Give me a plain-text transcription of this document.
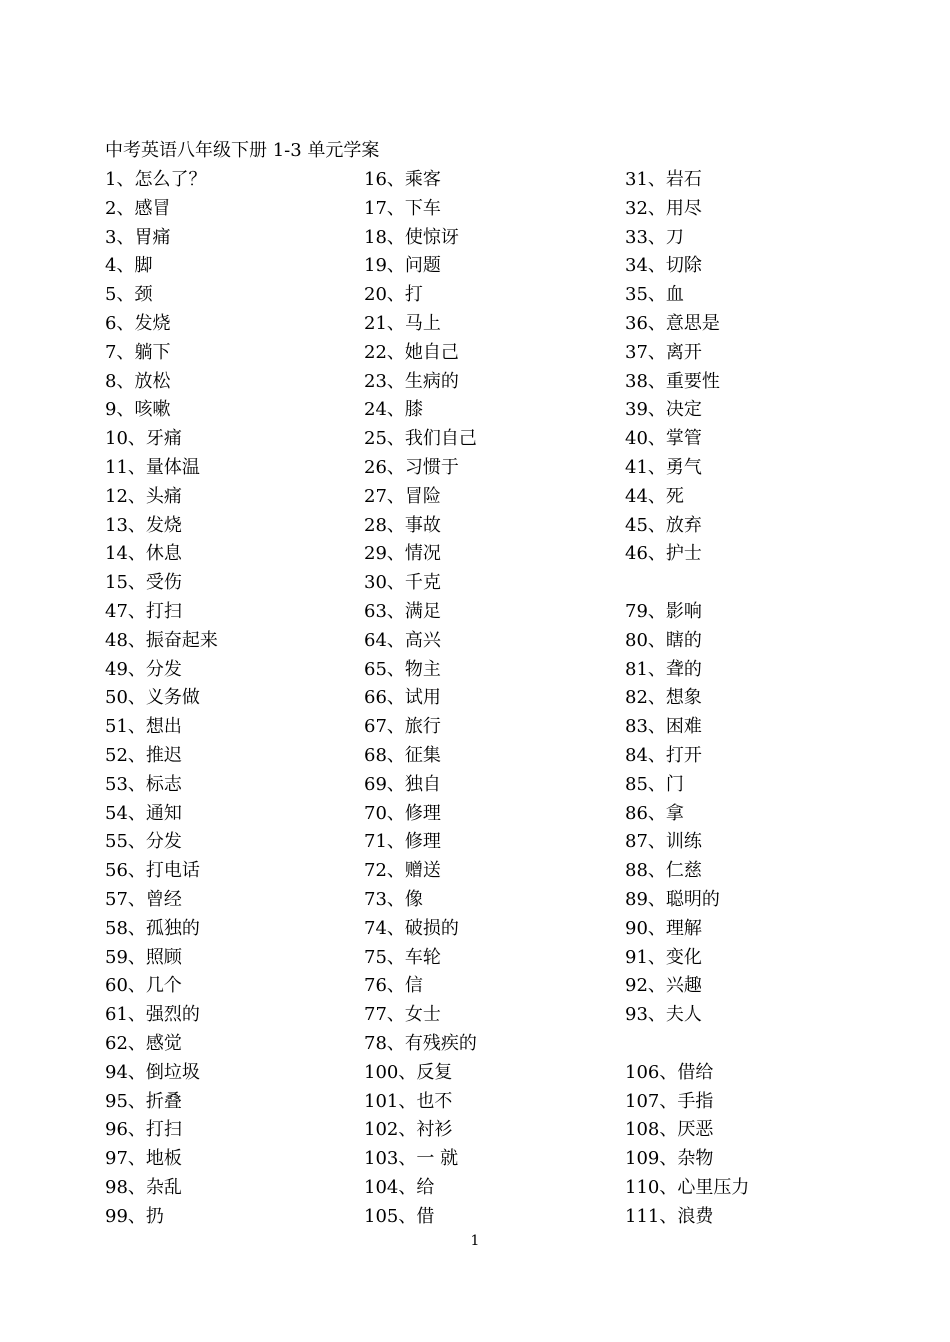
中考英语八年级下册 1-3 单元学案
1、怎么了？
2、感冒
3、胃痛
4、脚
5、颈
6、发烧
7、躺下
8、放松
9、咳嗽
10、牙痛
11、量体温
12、头痛
13、发烧
14、休息
15、受伤
47、打扫
48、振奋起来
49、分发
50、义务做
51、想出
52、推迟
53、标志
54、通知
55、分发
56、打电话
57、曾经
58、孤独的
59、照顾
60、几个
61、强烈的
62、感觉
94、倒垃圾
95、折叠
96、打扫
97、地板
98、杂乱
99、扔
16、乘客
17、下车
18、使惊讶
19、问题
20、打
21、马上
22、她自己
23、生病的
24、膝
25、我们自己
26、习惯于
27、冒险
28、事故
29、情况
30、千克
63、满足
64、高兴
65、物主
66、试用
67、旅行
68、征集
69、独自
70、修理
71、修理
72、赠送
73、像
74、破损的
75、车轮
76、信
77、女士
78、有残疾的
100、反复
101、也不
102、衬衫
103、一 就
104、给
105、借
31、岩石
32、用尽
33、刀
34、切除
35、血
36、意思是
37、离开
38、重要性
39、决定
40、掌管
41、勇气
44、死
45、放弃
46、护士
79、影响
80、瞎的
81、聋的
82、想象
83、困难
84、打开
85、门
86、拿
87、训练
88、仁慈
89、聪明的
90、理解
91、变化
92、兴趣
93、夫人
106、借给
107、手指
108、厌恶
109、杂物
110、心里压力
111、浪费
1
